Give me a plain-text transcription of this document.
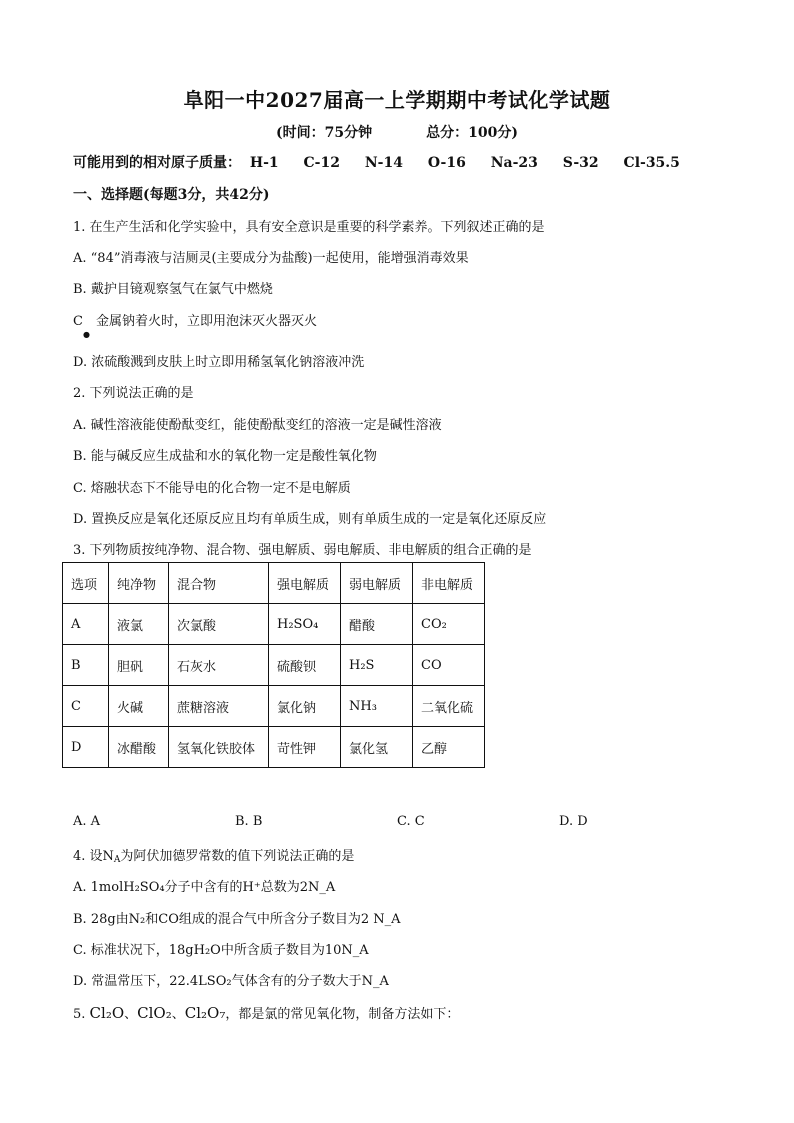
阜阳一中2027届高一上学期期中考试化学试题
(时间：75分钟	总分：100分)
可能用到的相对原子质量： H-1 C-12 N-14 O-16 Na-23 S-32 Cl-35.5
一、选择题(每题3分，共42分)
1. 在生产生活和化学实验中，具有安全意识是重要的科学素养。下列叙述正确的是
A. “84”消毒液与洁厕灵(主要成分为盐酸)一起使用，能增强消毒效果
B. 戴护目镜观察氢气在氯气中燃烧
C　金属钠着火时，立即用泡沫灭火器灭火
●
D. 浓硫酸溅到皮肤上时立即用稀氢氧化钠溶液冲洗
2. 下列说法正确的是
A. 碱性溶液能使酚酞变红，能使酚酞变红的溶液一定是碱性溶液
B. 能与碱反应生成盐和水的氧化物一定是酸性氧化物
C. 熔融状态下不能导电的化合物一定不是电解质
D. 置换反应是氧化还原反应且均有单质生成，则有单质生成的一定是氧化还原反应
3. 下列物质按纯净物、混合物、强电解质、弱电解质、非电解质的组合正确的是
选项	纯净物	混合物	强电解质	弱电解质	非电解质
A	液氯	次氯酸	H₂SO₄	醋酸	CO₂
B	胆矾	石灰水	硫酸钡	H₂S	CO
C	火碱	蔗糖溶液	氯化钠	NH₃	二氧化硫
D	冰醋酸	氢氧化铁胶体	苛性钾	氯化氢	乙醇
A. A	B. B	C. C	D. D
4. 设$N_A$为阿伏加德罗常数的值下列说法正确的是
A. 1molH₂SO₄分子中含有的H⁺总数为2N_A
B. 28g由N₂和CO组成的混合气中所含分子数目为2 N_A
C. 标准状况下，18gH₂O中所含质子数目为10N_A
D. 常温常压下，22.4LSO₂气体含有的分子数大于N_A
5. Cl₂O、ClO₂、Cl₂O₇，都是氯的常见氧化物，制备方法如下：
